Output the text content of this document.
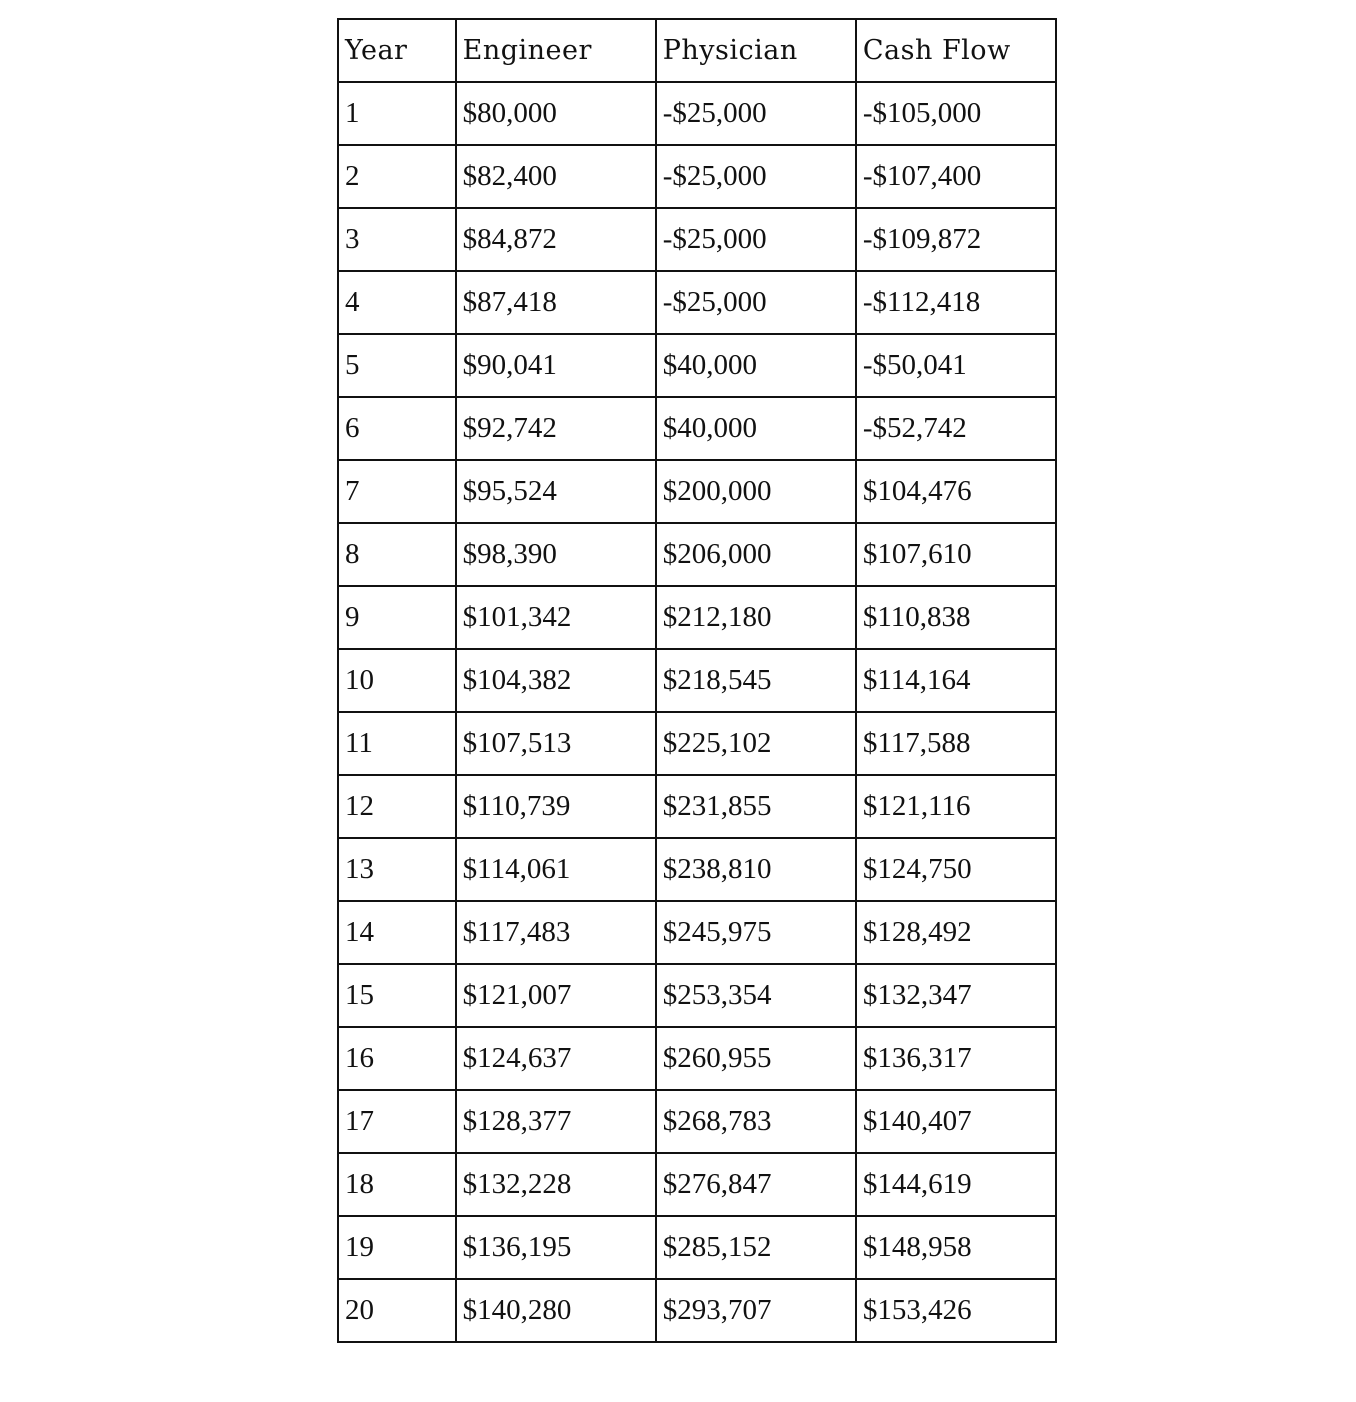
Year	Engineer	Physician	Cash Flow
1	$80,000	-$25,000	-$105,000
2	$82,400	-$25,000	-$107,400
3	$84,872	-$25,000	-$109,872
4	$87,418	-$25,000	-$112,418
5	$90,041	$40,000	-$50,041
6	$92,742	$40,000	-$52,742
7	$95,524	$200,000	$104,476
8	$98,390	$206,000	$107,610
9	$101,342	$212,180	$110,838
10	$104,382	$218,545	$114,164
11	$107,513	$225,102	$117,588
12	$110,739	$231,855	$121,116
13	$114,061	$238,810	$124,750
14	$117,483	$245,975	$128,492
15	$121,007	$253,354	$132,347
16	$124,637	$260,955	$136,317
17	$128,377	$268,783	$140,407
18	$132,228	$276,847	$144,619
19	$136,195	$285,152	$148,958
20	$140,280	$293,707	$153,426
